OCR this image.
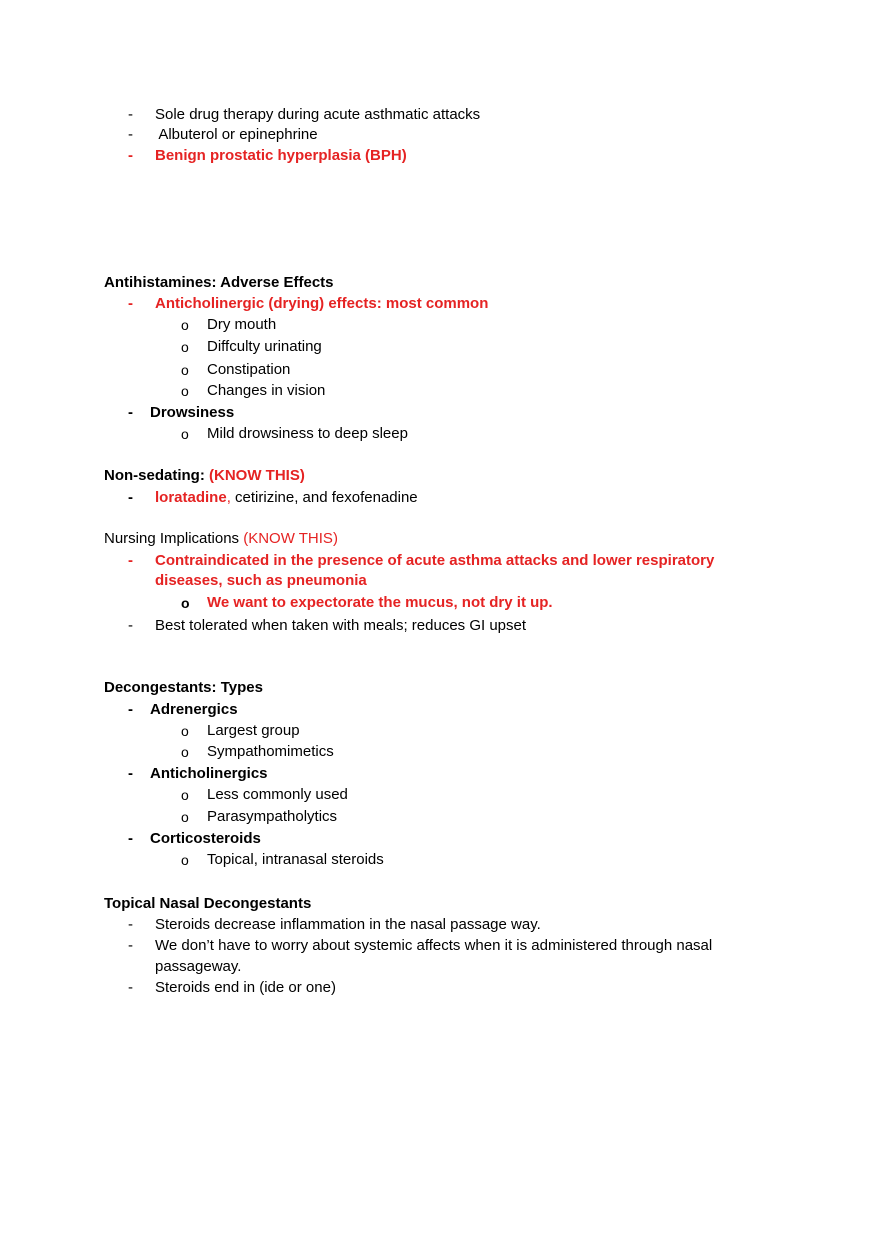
-	Sole drug therapy during acute asthmatic attacks
-	Albuterol or epinephrine
-	Benign prostatic hyperplasia (BPH)
Antihistamines: Adverse Effects
-	Anticholinergic (drying) effects: most common
o Dry mouth
o Diffculty urinating
o Constipation
o Changes in vision
- Drowsiness
o Mild drowsiness to deep sleep
Non-sedating: (KNOW THIS)
- loratadine, cetirizine, and fexofenadine
Nursing Implications (KNOW THIS)
-	Contraindicated in the presence of acute asthma attacks and lower respiratory
diseases, such as pneumonia
o We want to expectorate the mucus, not dry it up.
-	Best tolerated when taken with meals; reduces GI upset
Decongestants: Types
- Adrenergics
o Largest group
o Sympathomimetics
- Anticholinergics
o Less commonly used
o Parasympatholytics
- Corticosteroids
o Topical, intranasal steroids
Topical Nasal Decongestants
-	Steroids decrease inflammation in the nasal passage way.
-	We don’t have to worry about systemic affects when it is administered through nasal
passageway.
-	Steroids end in (ide or one)
